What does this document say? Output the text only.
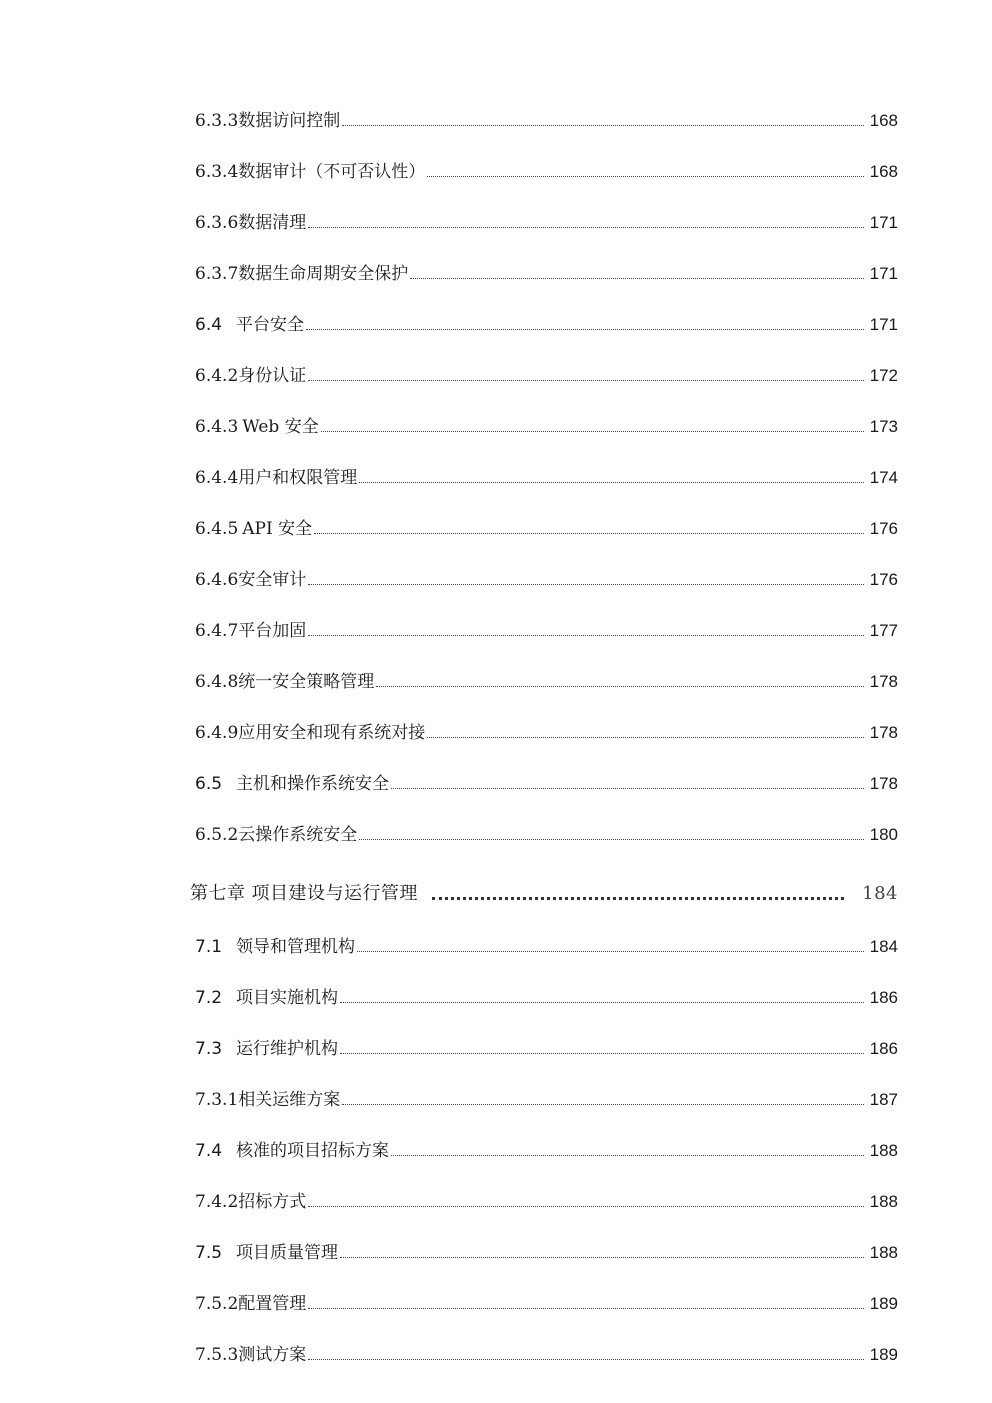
6.3.3 数据访问控制	168
6.3.4 数据审计（不可否认性）	168
6.3.6 数据清理	171
6.3.7 数据生命周期安全保护	171
6.4 平台安全	171
6.4.2 身份认证	172
6.4.3 Web 安全	173
6.4.4 用户和权限管理	174
6.4.5 API 安全	176
6.4.6 安全审计	176
6.4.7 平台加固	177
6.4.8 统一安全策略管理	178
6.4.9 应用安全和现有系统对接	178
6.5 主机和操作系统安全	178
6.5.2 云操作系统安全	180
第七章 项目建设与运行管理	184
7.1 领导和管理机构	184
7.2 项目实施机构	186
7.3 运行维护机构	186
7.3.1 相关运维方案	187
7.4 核准的项目招标方案	188
7.4.2 招标方式	188
7.5 项目质量管理	188
7.5.2 配置管理	189
7.5.3 测试方案	189
